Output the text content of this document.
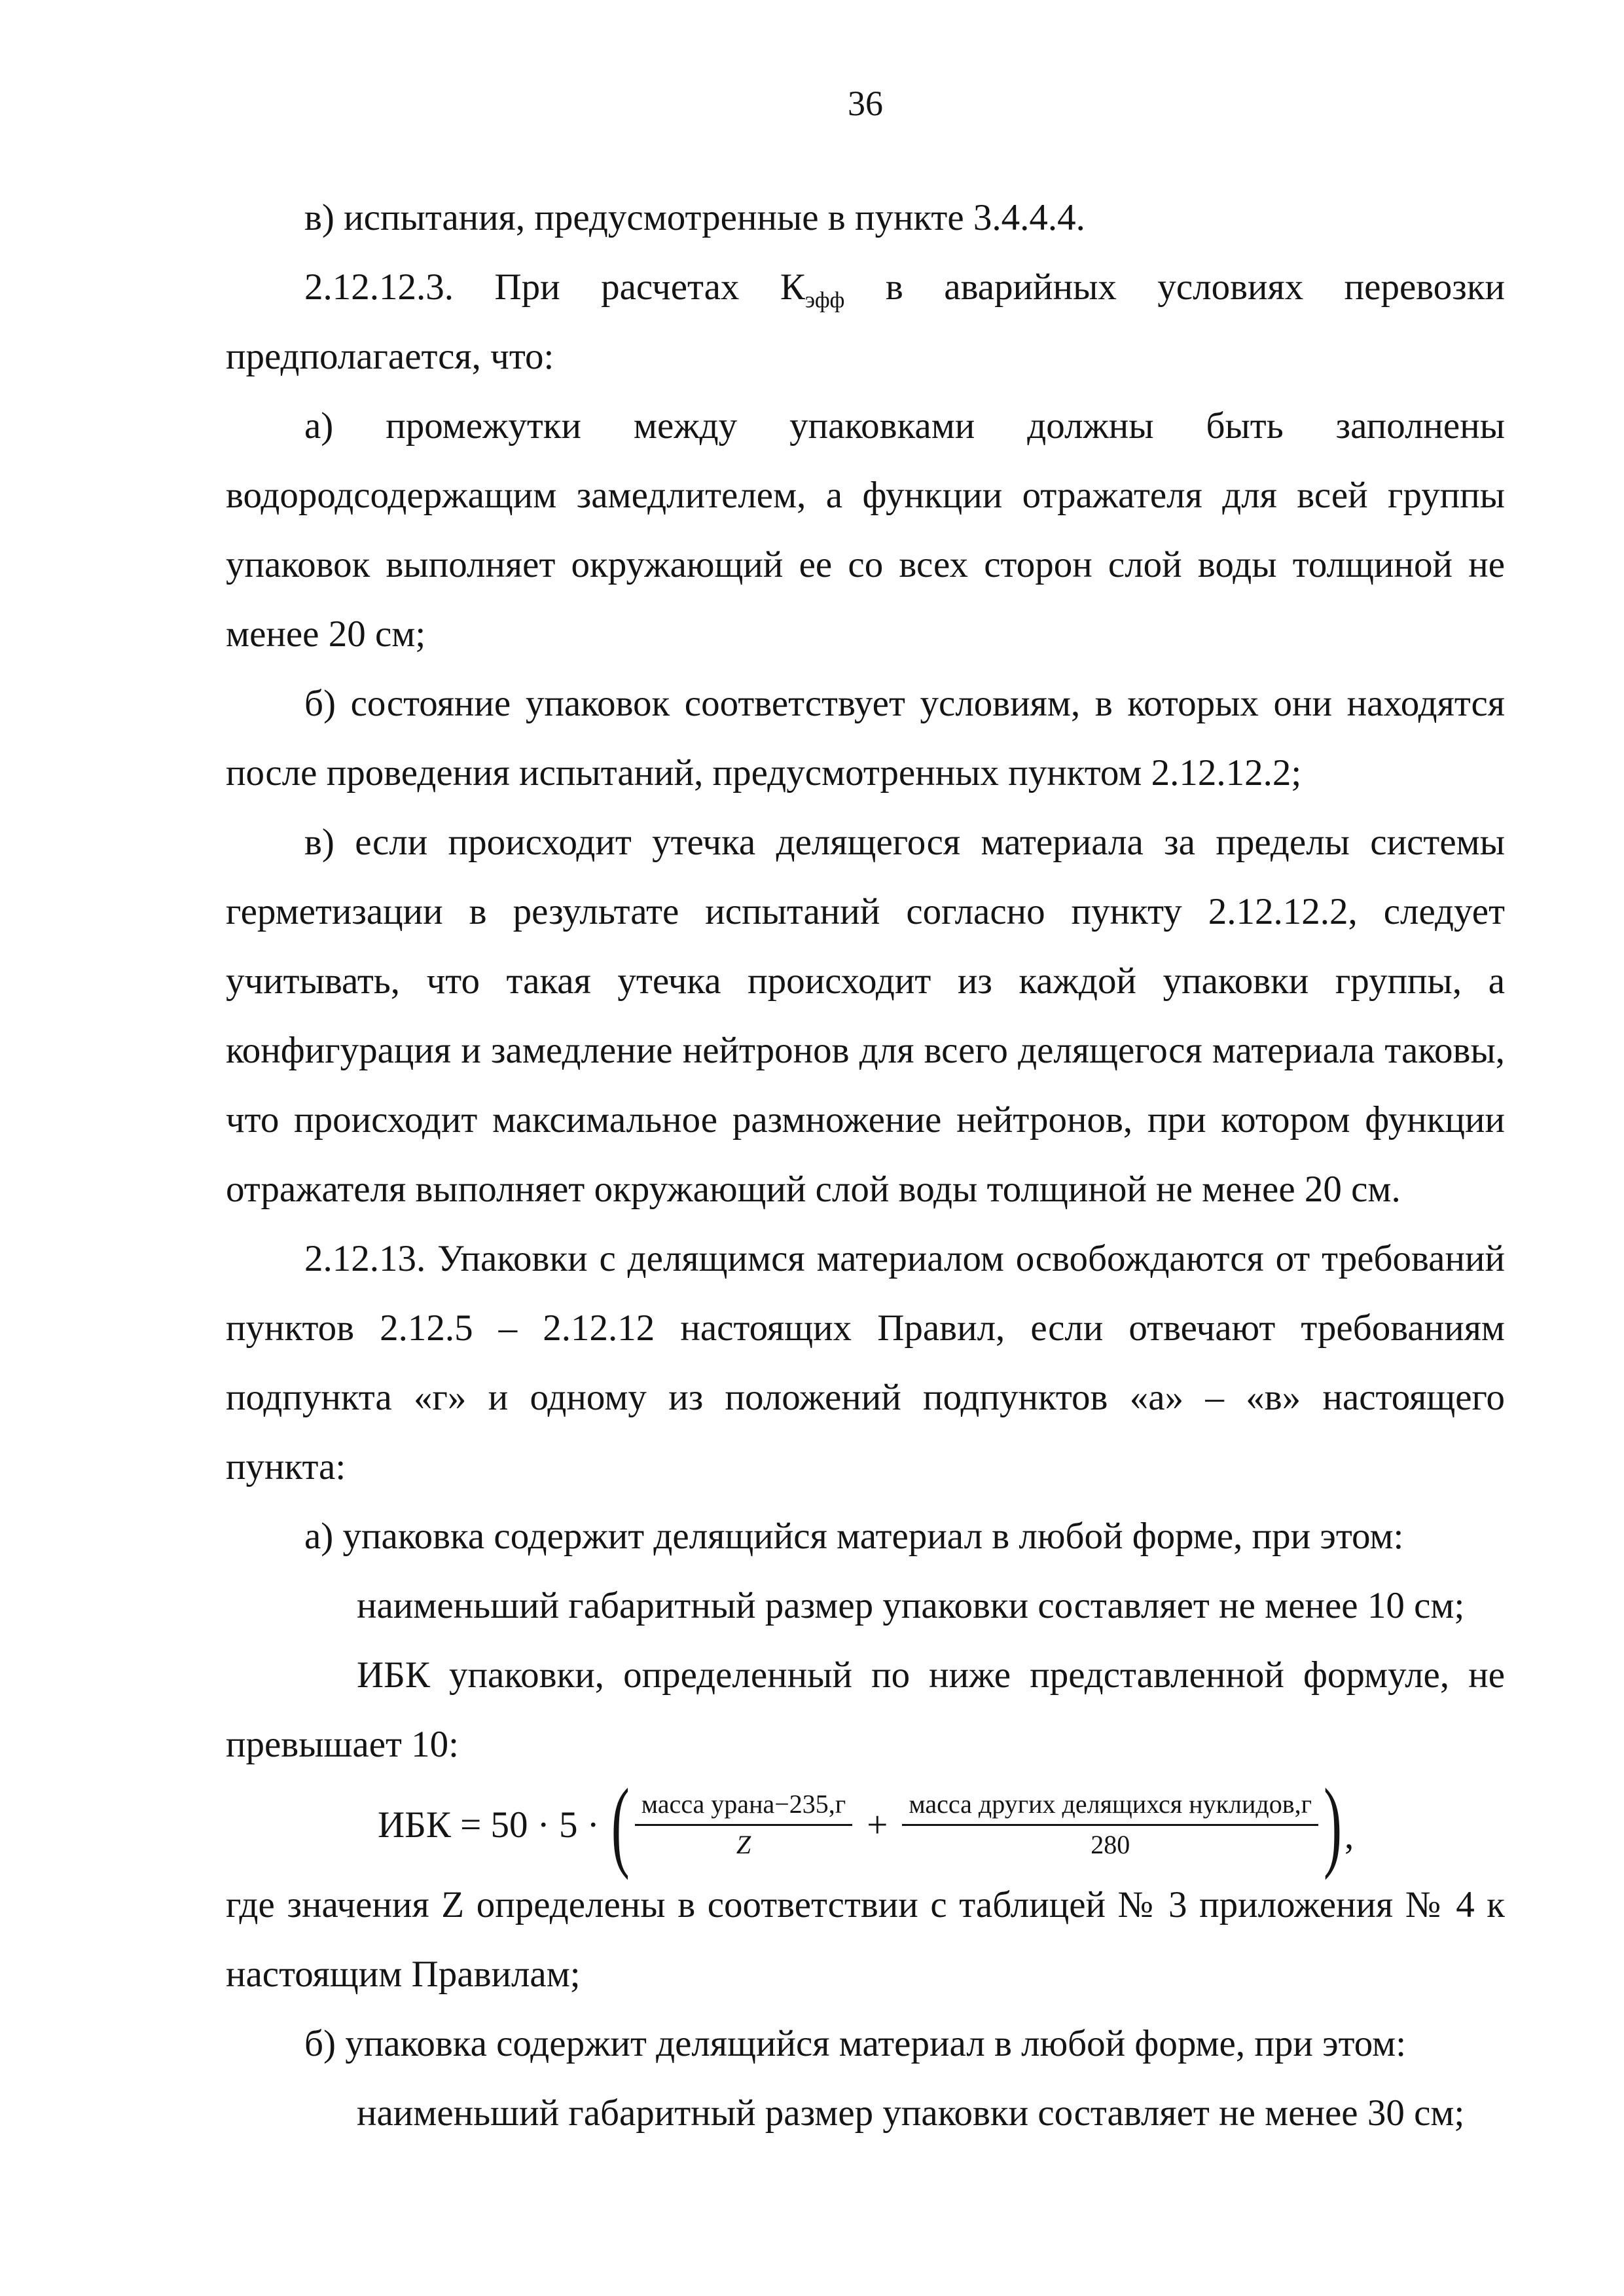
36

в) испытания, предусмотренные в пункте 3.4.4.4.

2.12.12.3. При расчетах $К_{эфф}$ в аварийных условиях перевозки предполагается, что:

а) промежутки между упаковками должны быть заполнены водородсодержащим замедлителем, а функции отражателя для всей группы упаковок выполняет окружающий ее со всех сторон слой воды толщиной не менее 20 см;

б) состояние упаковок соответствует условиям, в которых они находятся после проведения испытаний, предусмотренных пунктом 2.12.12.2;

в) если происходит утечка делящегося материала за пределы системы герметизации в результате испытаний согласно пункту 2.12.12.2, следует учитывать, что такая утечка происходит из каждой упаковки группы, а конфигурация и замедление нейтронов для всего делящегося материала таковы, что происходит максимальное размножение нейтронов, при котором функции отражателя выполняет окружающий слой воды толщиной не менее 20 см.

2.12.13. Упаковки с делящимся материалом освобождаются от требований пунктов 2.12.5 – 2.12.12 настоящих Правил, если отвечают требованиям подпункта «г» и одному из положений подпунктов «а» – «в» настоящего пункта:

а) упаковка содержит делящийся материал в любой форме, при этом:

наименьший габаритный размер упаковки составляет не менее 10 см;

ИБК упаковки, определенный по ниже представленной формуле, не превышает 10:

ИБК = 50 · 5 · ( $\frac{\text{масса урана−235,г}}{Z} + \frac{\text{масса других делящихся нуклидов,г}}{280}$ ) ,

где значения Z определены в соответствии с таблицей № 3 приложения № 4 к настоящим Правилам;

б) упаковка содержит делящийся материал в любой форме, при этом:

наименьший габаритный размер упаковки составляет не менее 30 см;
